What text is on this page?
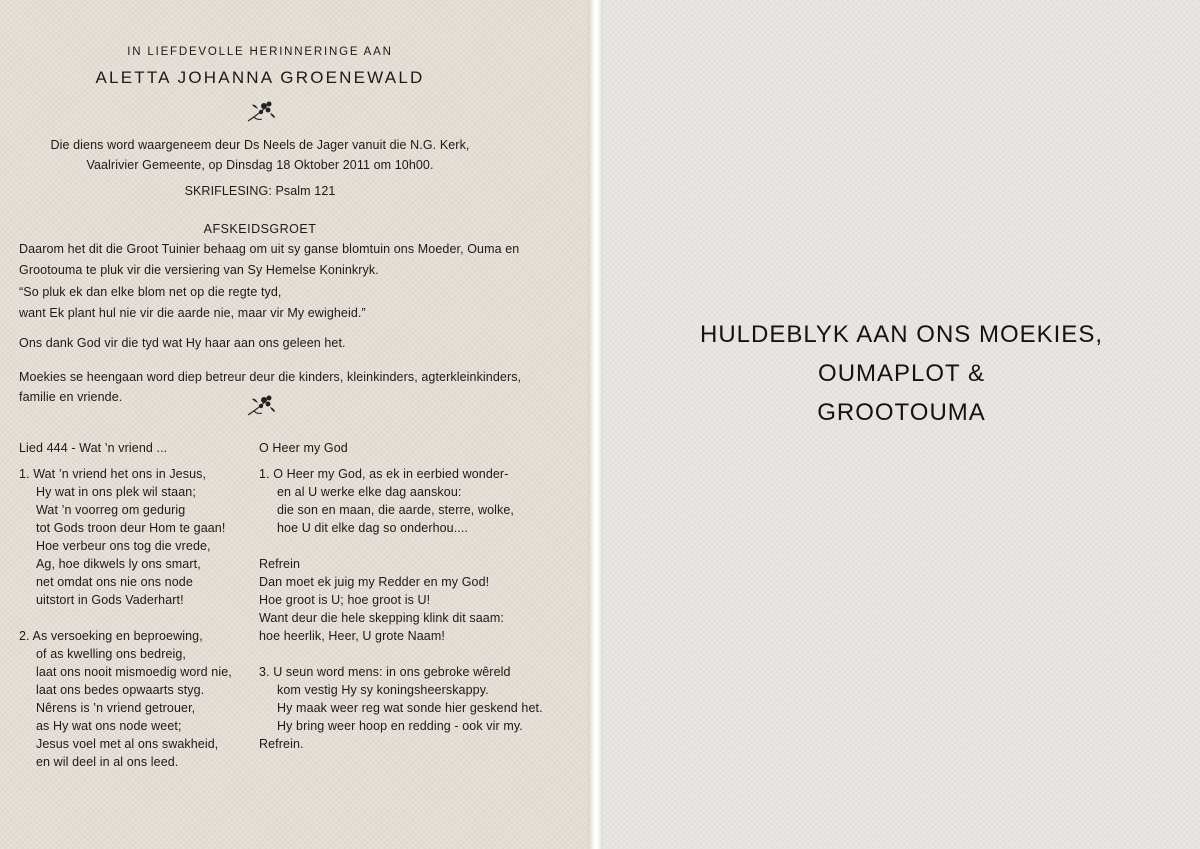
IN LIEFDEVOLLE HERINNERINGE AAN
ALETTA JOHANNA GROENEWALD
Die diens word waargeneem deur Ds Neels de Jager vanuit die N.G. Kerk,
Vaalrivier Gemeente, op Dinsdag 18 Oktober 2011 om 10h00.
SKRIFLESING: Psalm 121
AFSKEIDSGROET
Daarom het dit die Groot Tuinier behaag om uit sy ganse blomtuin ons Moeder, Ouma en
Grootouma te pluk vir die versiering van Sy Hemelse Koninkryk.
“So pluk ek dan elke blom net op die regte tyd,
want Ek plant hul nie vir die aarde nie, maar vir My ewigheid.”
Ons dank God vir die tyd wat Hy haar aan ons geleen het.
Moekies se heengaan word diep betreur deur die kinders, kleinkinders, agterkleinkinders,
familie en vriende.
Lied 444 - Wat ’n vriend ...
1. Wat ’n vriend het ons in Jesus,
Hy wat in ons plek wil staan;
Wat ’n voorreg om gedurig
tot Gods troon deur Hom te gaan!
Hoe verbeur ons tog die vrede,
Ag, hoe dikwels ly ons smart,
net omdat ons nie ons node
uitstort in Gods Vaderhart!
2. As versoeking en beproewing,
of as kwelling ons bedreig,
laat ons nooit mismoedig word nie,
laat ons bedes opwaarts styg.
Nêrens is ’n vriend getrouer,
as Hy wat ons node weet;
Jesus voel met al ons swakheid,
en wil deel in al ons leed.
O Heer my God
1. O Heer my God, as ek in eerbied wonder-
en al U werke elke dag aanskou:
die son en maan, die aarde, sterre, wolke,
hoe U dit elke dag so onderhou....
Refrein
Dan moet ek juig my Redder en my God!
Hoe groot is U; hoe groot is U!
Want deur die hele skepping klink dit saam:
hoe heerlik, Heer, U grote Naam!
3. U seun word mens: in ons gebroke wêreld
kom vestig Hy sy koningsheerskappy.
Hy maak weer reg wat sonde hier geskend het.
Hy bring weer hoop en redding - ook vir my.
Refrein.
HULDEBLYK AAN ONS MOEKIES,
OUMAPLOT &
GROOTOUMA
